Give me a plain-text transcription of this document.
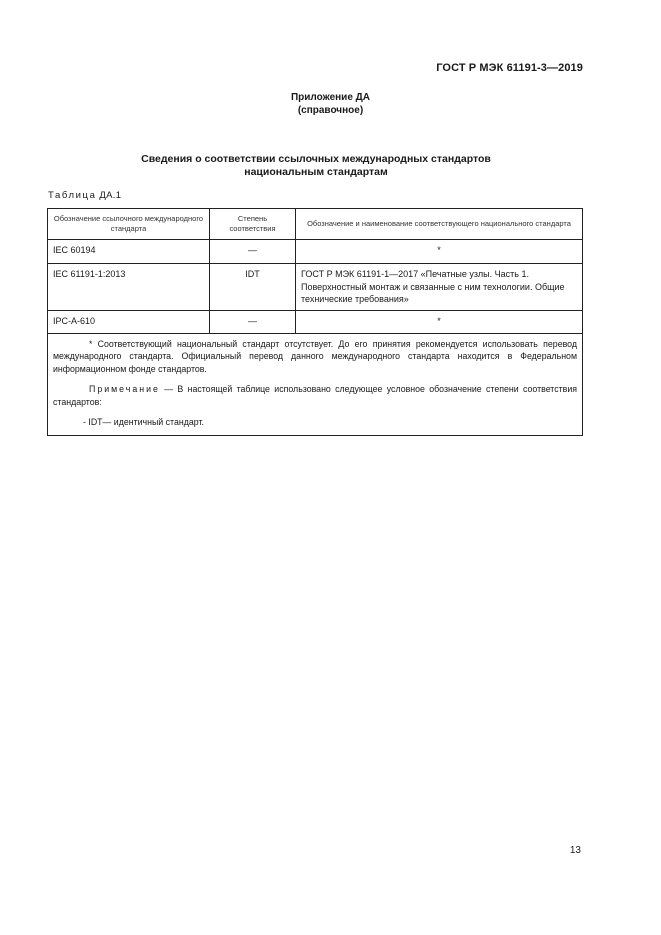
ГОСТ Р МЭК 61191-3—2019
Приложение ДА
(справочное)
Сведения о соответствии ссылочных международных стандартов
национальным стандартам
Таблица ДА.1
Обозначение ссылочного международного стандарта	Степень соответствия	Обозначение и наименование соответствующего национального стандарта
IEC 60194	—	*
IEC 61191-1:2013	IDT	ГОСТ Р МЭК 61191-1—2017 «Печатные узлы. Часть 1. Поверхностный монтаж и связанные с ним технологии. Общие технические требования»
IPC-A-610	—	*

* Соответствующий национальный стандарт отсутствует. До его принятия рекомендуется использовать перевод международного стандарта. Официальный перевод данного международного стандарта находится в Федеральном информационном фонде стандартов.

Примечание — В настоящей таблице использовано следующее условное обозначение степени соответствия стандартов:

- IDT— идентичный стандарт.		

13
